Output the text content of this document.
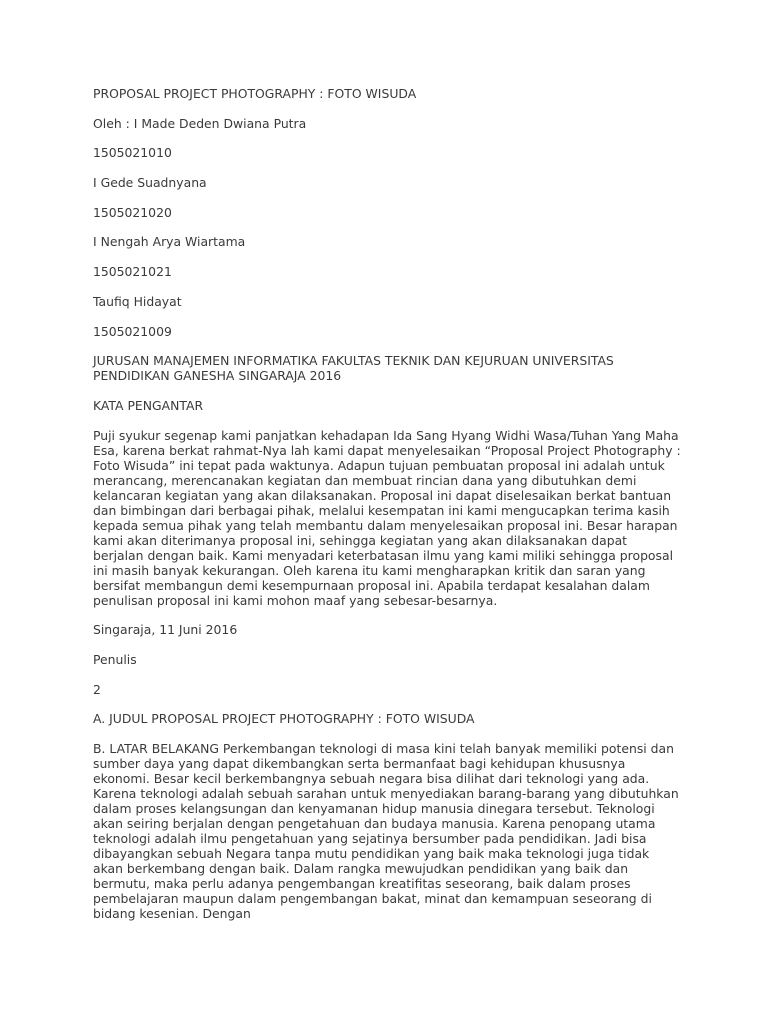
PROPOSAL PROJECT PHOTOGRAPHY : FOTO WISUDA

Oleh : I Made Deden Dwiana Putra

1505021010

I Gede Suadnyana

1505021020

I Nengah Arya Wiartama

1505021021

Taufiq Hidayat

1505021009

JURUSAN MANAJEMEN INFORMATIKA FAKULTAS TEKNIK DAN KEJURUAN UNIVERSITAS PENDIDIKAN GANESHA SINGARAJA 2016

KATA PENGANTAR

Puji syukur segenap kami panjatkan kehadapan Ida Sang Hyang Widhi Wasa/Tuhan Yang Maha Esa, karena berkat rahmat-Nya lah kami dapat menyelesaikan “Proposal Project Photography : Foto Wisuda” ini tepat pada waktunya. Adapun tujuan pembuatan proposal ini adalah untuk merancang, merencanakan kegiatan dan membuat rincian dana yang dibutuhkan demi kelancaran kegiatan yang akan dilaksanakan. Proposal ini dapat diselesaikan berkat bantuan dan bimbingan dari berbagai pihak, melalui kesempatan ini kami mengucapkan terima kasih kepada semua pihak yang telah membantu dalam menyelesaikan proposal ini. Besar harapan kami akan diterimanya proposal ini, sehingga kegiatan yang akan dilaksanakan dapat berjalan dengan baik. Kami menyadari keterbatasan ilmu yang kami miliki sehingga proposal ini masih banyak kekurangan. Oleh karena itu kami mengharapkan kritik dan saran yang bersifat membangun demi kesempurnaan proposal ini. Apabila terdapat kesalahan dalam penulisan proposal ini kami mohon maaf yang sebesar-besarnya.

Singaraja, 11 Juni 2016

Penulis

2

A. JUDUL PROPOSAL PROJECT PHOTOGRAPHY : FOTO WISUDA

B. LATAR BELAKANG Perkembangan teknologi di masa kini telah banyak memiliki potensi dan sumber daya yang dapat dikembangkan serta bermanfaat bagi kehidupan khususnya ekonomi. Besar kecil berkembangnya sebuah negara bisa dilihat dari teknologi yang ada. Karena teknologi adalah sebuah sarahan untuk menyediakan barang-barang yang dibutuhkan dalam proses kelangsungan dan kenyamanan hidup manusia dinegara tersebut. Teknologi akan seiring berjalan dengan pengetahuan dan budaya manusia. Karena penopang utama teknologi adalah ilmu pengetahuan yang sejatinya bersumber pada pendidikan. Jadi bisa dibayangkan sebuah Negara tanpa mutu pendidikan yang baik maka teknologi juga tidak akan berkembang dengan baik. Dalam rangka mewujudkan pendidikan yang baik dan bermutu, maka perlu adanya pengembangan kreatifitas seseorang, baik dalam proses pembelajaran maupun dalam pengembangan bakat, minat dan kemampuan seseorang di bidang kesenian. Dengan
